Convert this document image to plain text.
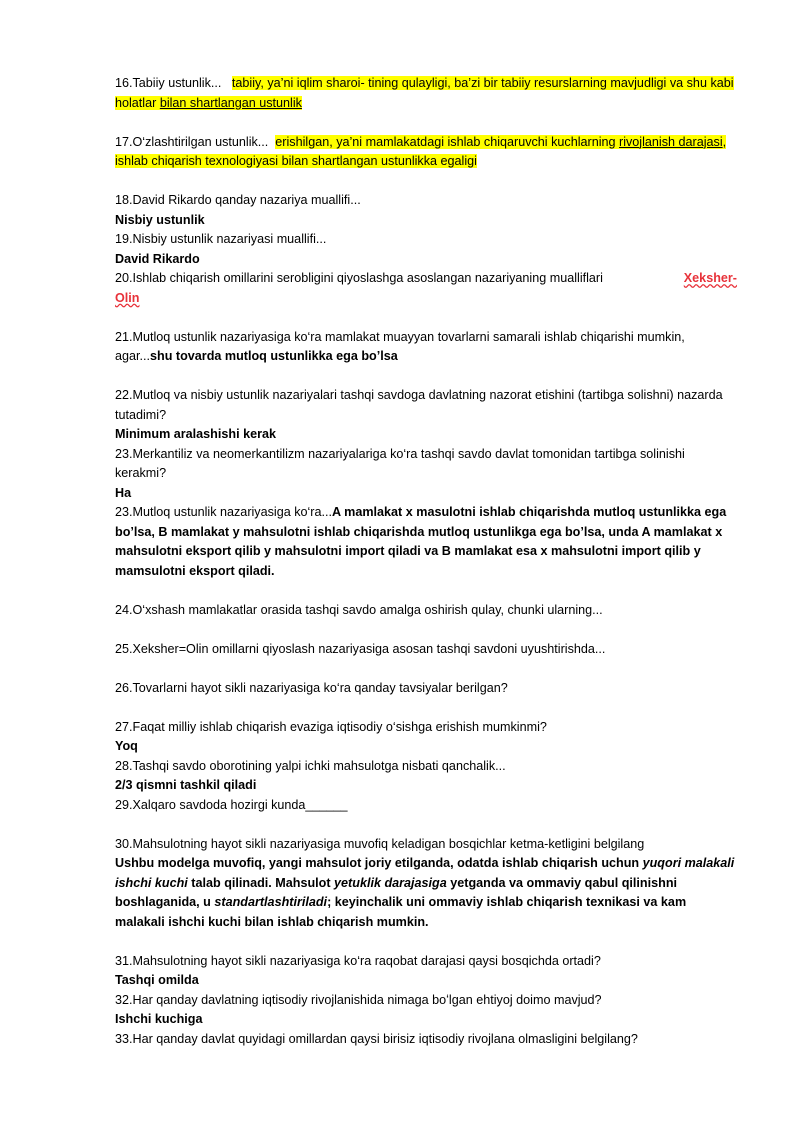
16.Tabiiy ustunlik... tabiiy, ya’ni iqlim sharoi- tining qulayligi, ba’zi bir tabiiy resurslarning mavjudligi va shu kabi holatlar bilan shartlangan ustunlik

17.O‘zlashtirilgan ustunlik... erishilgan, ya’ni mamlakatdagi ishlab chiqaruvchi kuchlarning rivojlanish darajasi, ishlab chiqarish texnologiyasi bilan shartlangan ustunlikka egaligi

18.David Rikardo qanday nazariya muallifi...

Nisbiy ustunlik

19.Nisbiy ustunlik nazariyasi muallifi...

David Rikardo

Xeksher-
20.Ishlab chiqarish omillarini serobligini qiyoslashga asoslangan nazariyaning mualliflari

Olin

21.Mutloq ustunlik nazariyasiga ko‘ra mamlakat muayyan tovarlarni samarali ishlab chiqarishi mumkin, agar...shu tovarda mutloq ustunlikka ega bo’lsa

22.Mutloq va nisbiy ustunlik nazariyalari tashqi savdoga davlatning nazorat etishini (tartibga solishni) nazarda tutadimi?

Minimum aralashishi kerak

23.Merkantiliz va neomerkantilizm nazariyalariga ko‘ra tashqi savdo davlat tomonidan tartibga solinishi kerakmi?

Ha

23.Mutloq ustunlik nazariyasiga ko‘ra...A mamlakat x masulotni ishlab chiqarishda mutloq ustunlikka ega bo’lsa, B mamlakat y mahsulotni ishlab chiqarishda mutloq ustunlikga ega bo’lsa, unda A mamlakat x mahsulotni eksport qilib y mahsulotni import qiladi va B mamlakat esa x mahsulotni import qilib y mamsulotni eksport qiladi.

24.O‘xshash mamlakatlar orasida tashqi savdo amalga oshirish qulay, chunki ularning...

25.Xeksher=Olin omillarni qiyoslash nazariyasiga asosan tashqi savdoni uyushtirishda...

26.Tovarlarni hayot sikli nazariyasiga ko‘ra qanday tavsiyalar berilgan?

27.Faqat milliy ishlab chiqarish evaziga iqtisodiy o‘sishga erishish mumkinmi?

Yoq

28.Tashqi savdo oborotining yalpi ichki mahsulotga nisbati qanchalik...

2/3 qismni tashkil qiladi

29.Xalqaro savdoda hozirgi kunda______

30.Mahsulotning hayot sikli nazariyasiga muvofiq keladigan bosqichlar ketma-ketligini belgilang

Ushbu modelga muvofiq, yangi mahsulot joriy etilganda, odatda ishlab chiqarish uchun yuqori malakali ishchi kuchi talab qilinadi. Mahsulot yetuklik darajasiga yetganda va ommaviy qabul qilinishni boshlaganida, u standartlashtiriladi; keyinchalik uni ommaviy ishlab chiqarish texnikasi va kam malakali ishchi kuchi bilan ishlab chiqarish mumkin.

31.Mahsulotning hayot sikli nazariyasiga ko‘ra raqobat darajasi qaysi bosqichda ortadi?

Tashqi omilda

32.Har qanday davlatning iqtisodiy rivojlanishida nimaga boʻlgan ehtiyoj doimo mavjud?

Ishchi kuchiga

33.Har qanday davlat quyidagi omillardan qaysi birisiz iqtisodiy rivojlana olmasligini belgilang?
